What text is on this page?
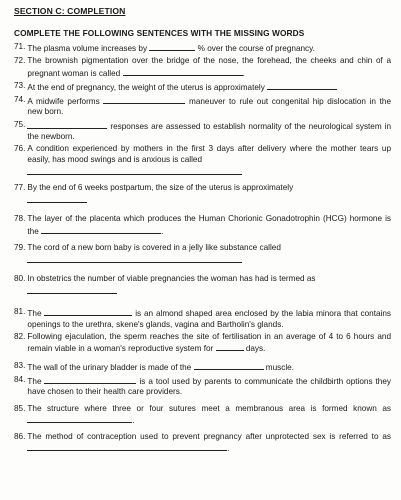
SECTION C: COMPLETION
COMPLETE THE FOLLOWING SENTENCES WITH THE MISSING WORDS
71. The plasma volume increases by	% over the course of pregnancy.
72. The brownish pigmentation over the bridge of the nose, the forehead, the cheeks and chin of a pregnant woman is called	.
73. At the end of pregnancy, the weight of the uterus is approximately
74. A midwife performs	maneuver to rule out congenital hip dislocation in the new born.
75.	responses are assessed to establish normality of the neurological system in the newborn.
76. A condition experienced by mothers in the first 3 days after delivery where the mother tears up easily, has mood swings and is anxious is called
77. By the end of 6 weeks postpartum, the size of the uterus is approximately
78. The layer of the placenta which produces the Human Chorionic Gonadotrophin (HCG) hormone is the	.
79. The cord of a new born baby is covered in a jelly like substance called
80. In obstetrics the number of viable pregnancies the woman has had is termed as
81. The	is an almond shaped area enclosed by the labia minora that contains openings to the urethra, skene's glands, vagina and Bartholin's glands.
82. Following ejaculation, the sperm reaches the site of fertilisation in an average of 4 to 6 hours and remain viable in a woman's reproductive system for	days.
83. The wall of the urinary bladder is made of the	muscle.
84. The	is a tool used by parents to communicate the childbirth options they have chosen to their health care providers.
85. The structure where three or four sutures meet a membranous area is formed known as .
86. The method of contraception used to prevent pregnancy after unprotected sex is referred to as .
